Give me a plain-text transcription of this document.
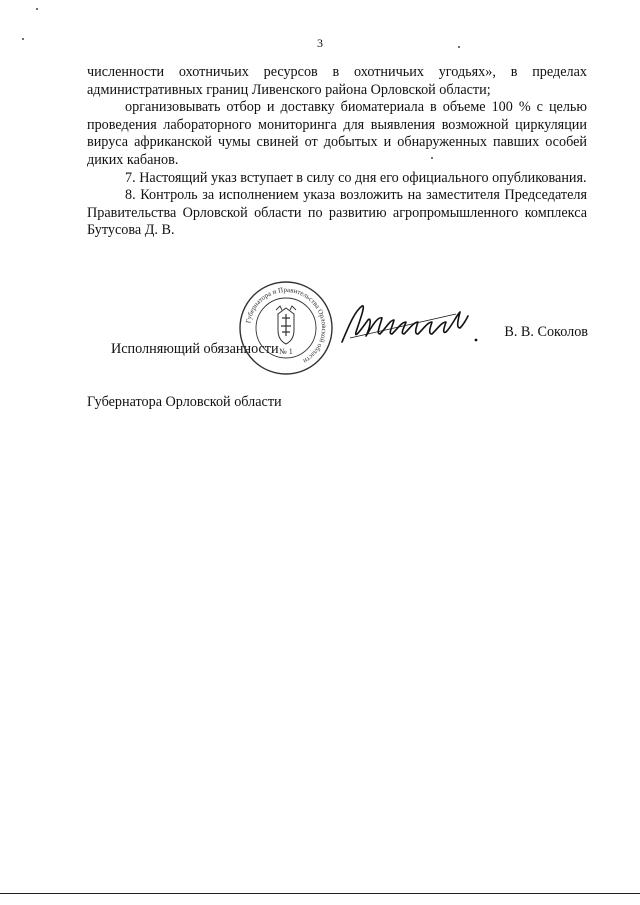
3

численности охотничьих ресурсов в охотничьих угодьях», в пределах административных границ Ливенского района Орловской области;

организовывать отбор и доставку биоматериала в объеме 100 % с целью проведения лабораторного мониторинга для выявления возможной циркуляции вируса африканской чумы свиней от добытых и обнаруженных павших особей диких кабанов.

7. Настоящий указ вступает в силу со дня его официального опубликования.

8. Контроль за исполнением указа возложить на заместителя Председателя Правительства Орловской области по развитию агропромышленного комплекса Бутусова Д. В.

Исполняющий обязанности

Губернатора Орловской области

Губернатора и Правительства Орловской области
№ 1
В. В. Соколов
